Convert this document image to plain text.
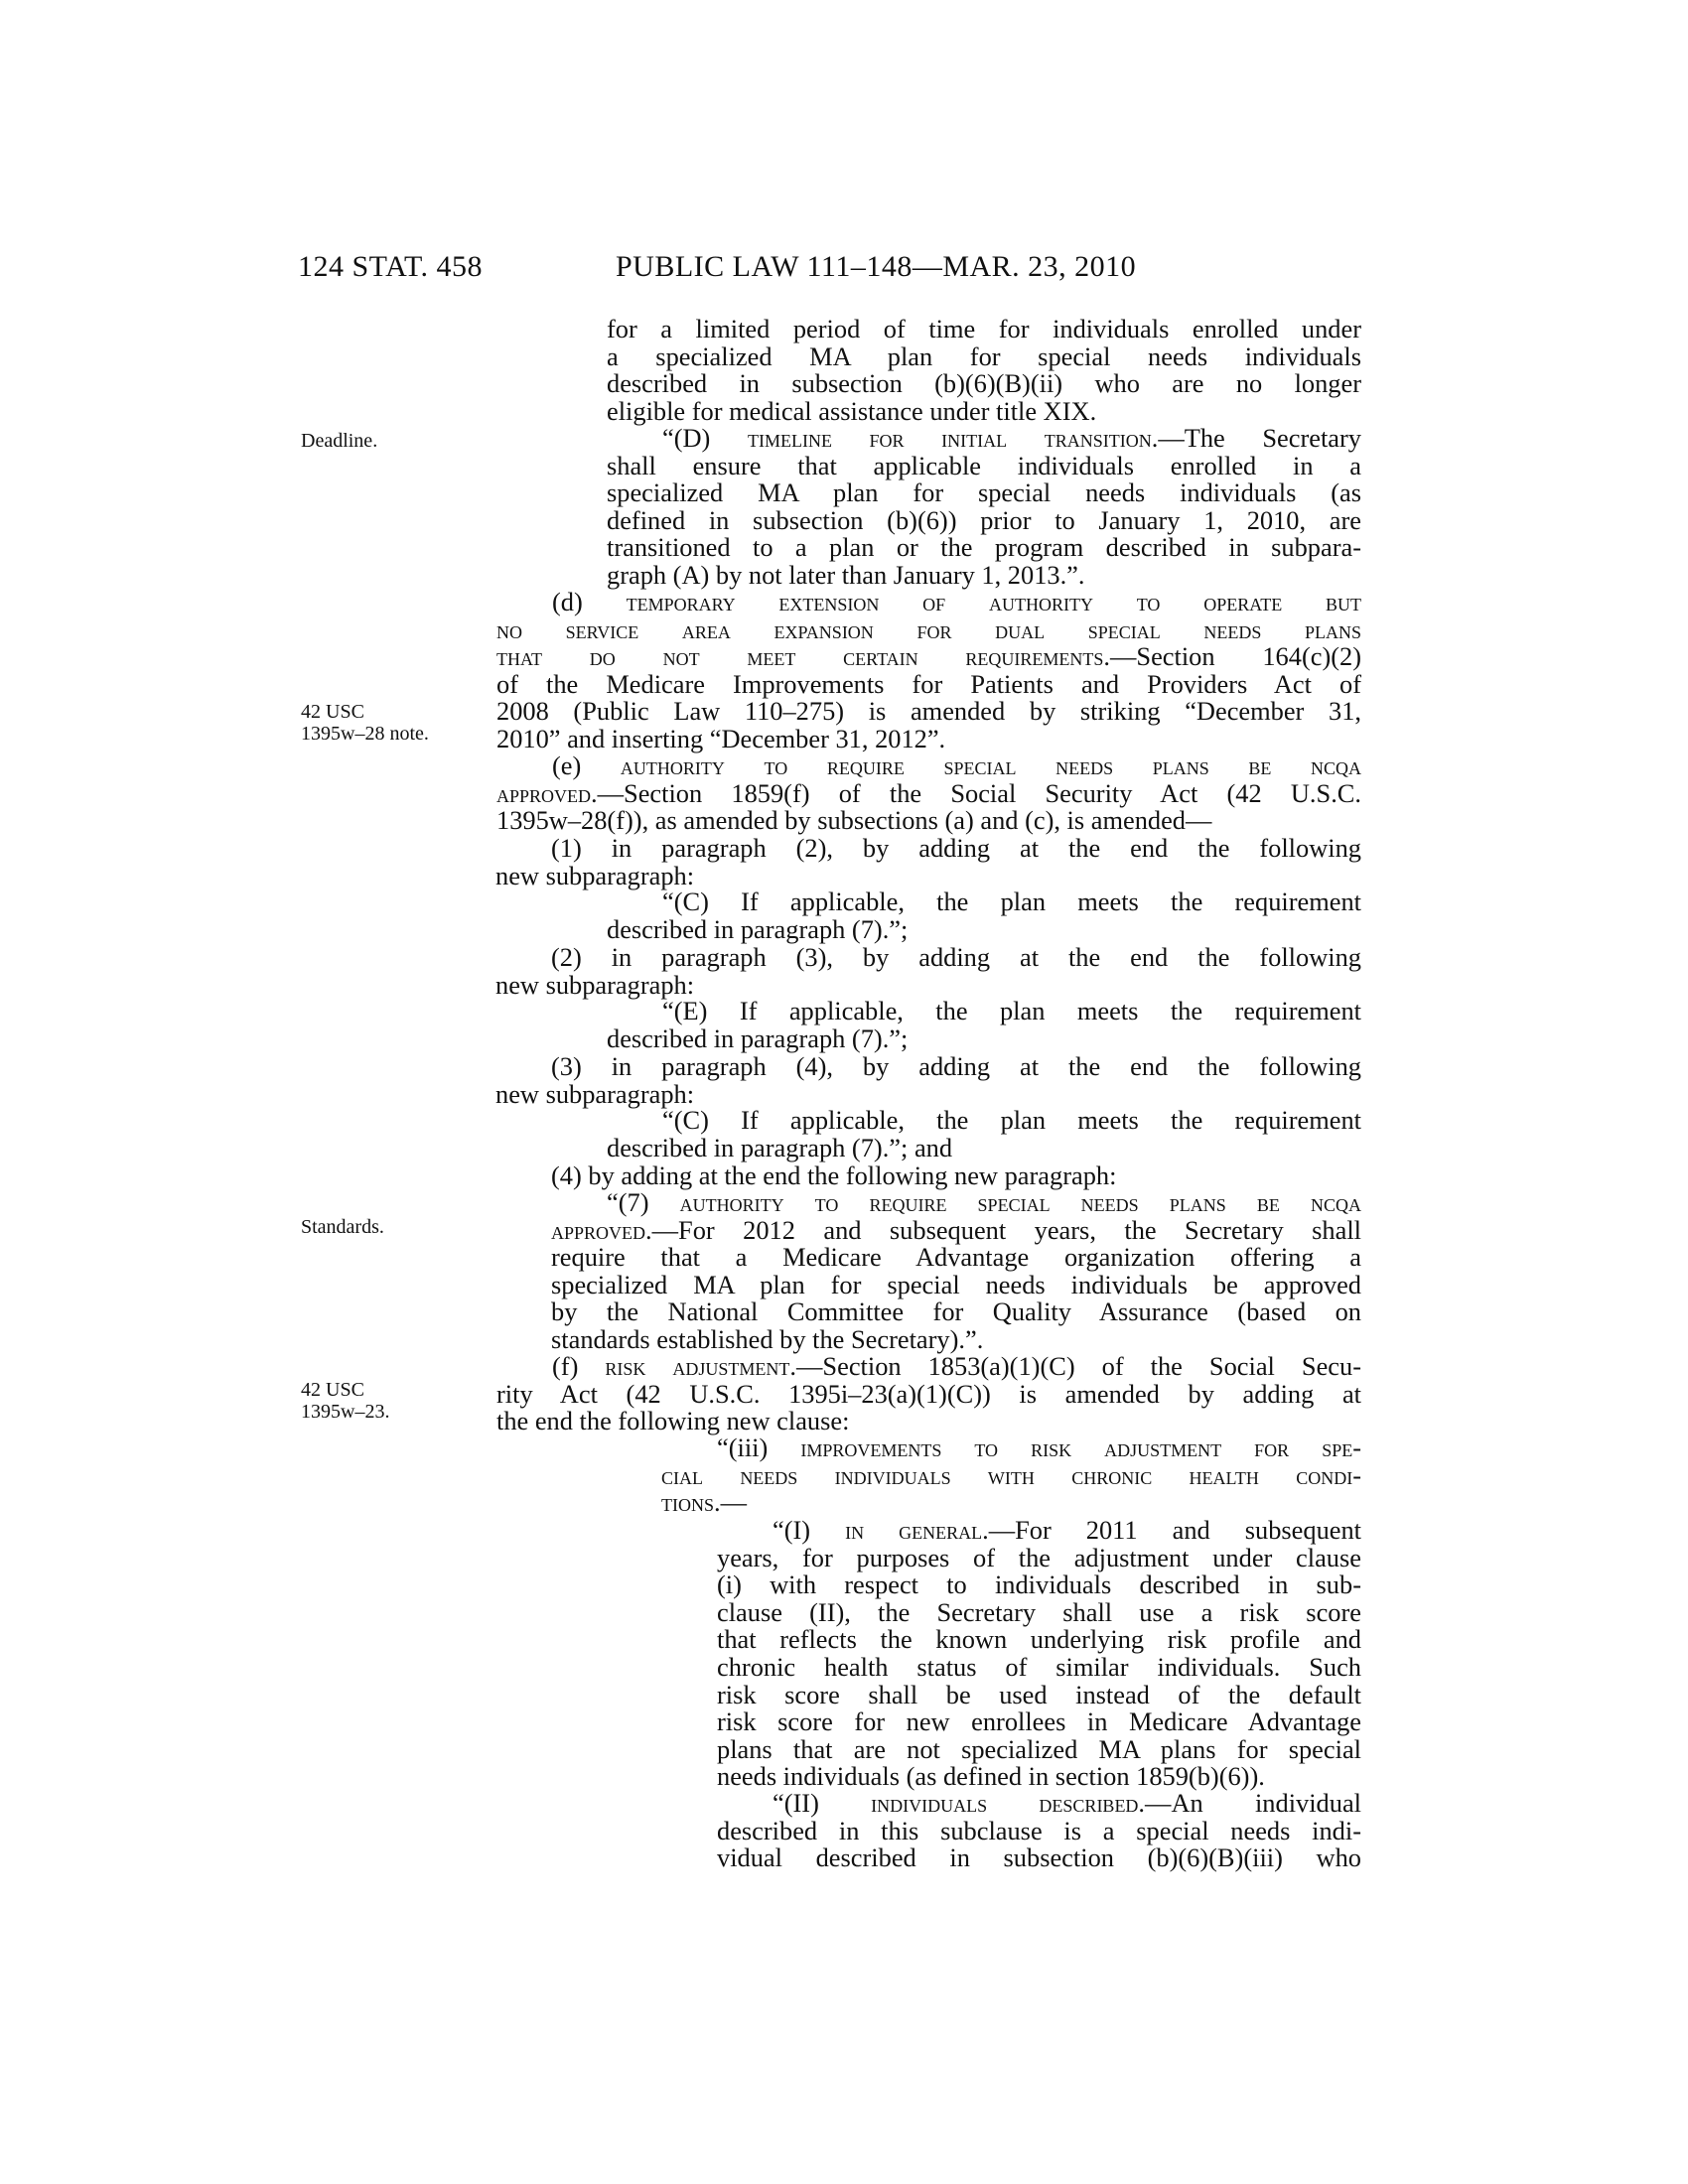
124 STAT. 458	PUBLIC LAW 111–148—MAR. 23, 2010
Deadline.
42 USC
1395w–28 note.
Standards.
42 USC
1395w–23.
for a limited period of time for individuals enrolled under
a specialized MA plan for special needs individuals
described in subsection (b)(6)(B)(ii) who are no longer
eligible for medical assistance under title XIX.
“(D) timeline for initial transition.—The Secretary
shall ensure that applicable individuals enrolled in a
specialized MA plan for special needs individuals (as
defined in subsection (b)(6)) prior to January 1, 2010, are
transitioned to a plan or the program described in subpara-
graph (A) by not later than January 1, 2013.”.
(d) temporary extension of authority to operate but
no service area expansion for dual special needs plans
that do not meet certain requirements.—Section 164(c)(2)
of the Medicare Improvements for Patients and Providers Act of
2008 (Public Law 110–275) is amended by striking “December 31,
2010” and inserting “December 31, 2012”.
(e) authority to require special needs plans be ncqa
approved.—Section 1859(f) of the Social Security Act (42 U.S.C.
1395w–28(f)), as amended by subsections (a) and (c), is amended—
(1) in paragraph (2), by adding at the end the following
new subparagraph:
“(C) If applicable, the plan meets the requirement
described in paragraph (7).”;
(2) in paragraph (3), by adding at the end the following
new subparagraph:
“(E) If applicable, the plan meets the requirement
described in paragraph (7).”;
(3) in paragraph (4), by adding at the end the following
new subparagraph:
“(C) If applicable, the plan meets the requirement
described in paragraph (7).”; and
(4) by adding at the end the following new paragraph:
“(7) authority to require special needs plans be ncqa
approved.—For 2012 and subsequent years, the Secretary shall
require that a Medicare Advantage organization offering a
specialized MA plan for special needs individuals be approved
by the National Committee for Quality Assurance (based on
standards established by the Secretary).”.
(f) risk adjustment.—Section 1853(a)(1)(C) of the Social Secu-
rity Act (42 U.S.C. 1395i–23(a)(1)(C)) is amended by adding at
the end the following new clause:
“(iii) improvements to risk adjustment for spe-
cial needs individuals with chronic health condi-
tions.—
“(I) in general.—For 2011 and subsequent
years, for purposes of the adjustment under clause
(i) with respect to individuals described in sub-
clause (II), the Secretary shall use a risk score
that reflects the known underlying risk profile and
chronic health status of similar individuals. Such
risk score shall be used instead of the default
risk score for new enrollees in Medicare Advantage
plans that are not specialized MA plans for special
needs individuals (as defined in section 1859(b)(6)).
“(II) individuals described.—An individual
described in this subclause is a special needs indi-
vidual described in subsection (b)(6)(B)(iii) who
